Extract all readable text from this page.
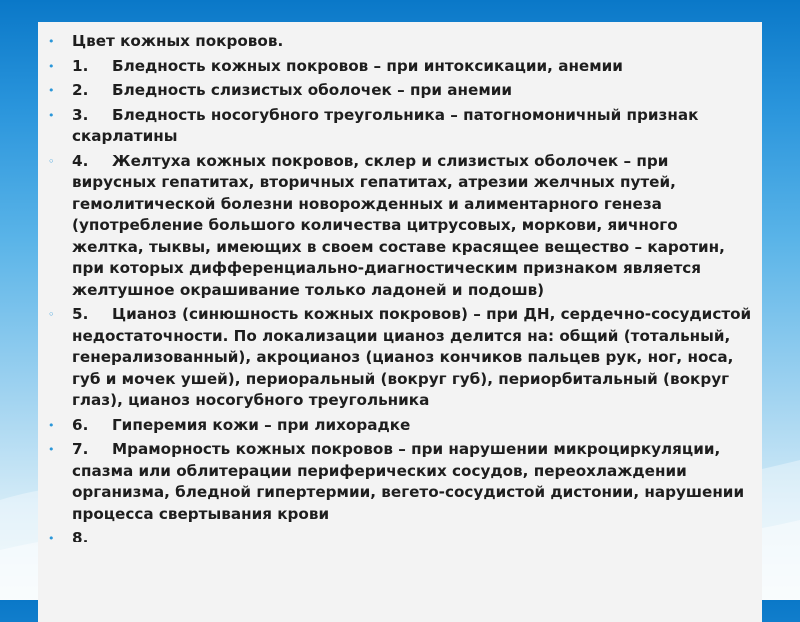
•	Цвет кожных покровов.
•	1. Бледность кожных покровов – при интоксикации, анемии
•	2. Бледность слизистых оболочек – при анемии
•	3. Бледность носогубного треугольника – патогномоничный признак скарлатины
◦	4. Желтуха кожных покровов, склер и слизистых оболочек – при вирусных гепатитах, вторичных гепатитах, атрезии желчных путей, гемолитической болезни новорожденных и алиментарного генеза (употребление большого количества цитрусовых, моркови, яичного желтка, тыквы, имеющих в своем составе красящее вещество – каротин, при которых дифференциально-диагностическим признаком является желтушное окрашивание только ладоней и подошв)
◦	5. Цианоз (синюшность кожных покровов) – при ДН, сердечно-сосудистой недостаточности. По локализации цианоз делится на: общий (тотальный, генерализованный), акроцианоз (цианоз кончиков пальцев рук, ног, носа, губ и мочек ушей), периоральный (вокруг губ), периорбитальный (вокруг глаз), цианоз носогубного треугольника
•	6. Гиперемия кожи – при лихорадке
•	7. Мраморность кожных покровов – при нарушении микроциркуляции, спазма или облитерации периферических сосудов, переохлаждении организма, бледной гипертермии, вегето-сосудистой дистонии, нарушении процесса свертывания крови
•	8.
